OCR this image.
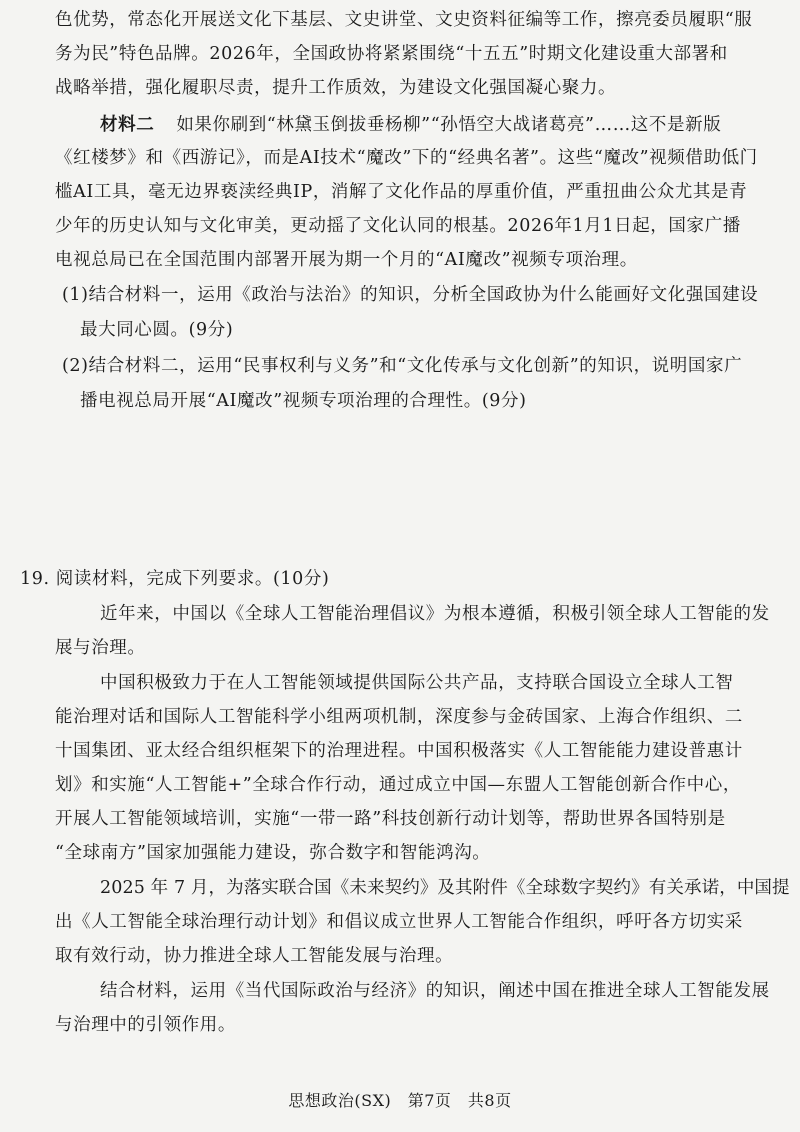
色优势，常态化开展送文化下基层、文史讲堂、文史资料征编等工作，擦亮委员履职“服
务为民”特色品牌。2026年，全国政协将紧紧围绕“十五五”时期文化建设重大部署和
战略举措，强化履职尽责，提升工作质效，为建设文化强国凝心聚力。
材料二 如果你刷到“林黛玉倒拔垂杨柳”“孙悟空大战诸葛亮”……这不是新版
《红楼梦》和《西游记》，而是AI技术“魔改”下的“经典名著”。这些“魔改”视频借助低门
槛AI工具，毫无边界亵渎经典IP，消解了文化作品的厚重价值，严重扭曲公众尤其是青
少年的历史认知与文化审美，更动摇了文化认同的根基。2026年1月1日起，国家广播
电视总局已在全国范围内部署开展为期一个月的“AI魔改”视频专项治理。
(1)结合材料一，运用《政治与法治》的知识，分析全国政协为什么能画好文化强国建设
最大同心圆。(9分)
(2)结合材料二，运用“民事权利与义务”和“文化传承与文化创新”的知识，说明国家广
播电视总局开展“AI魔改”视频专项治理的合理性。(9分)
19. 阅读材料，完成下列要求。(10分)
近年来，中国以《全球人工智能治理倡议》为根本遵循，积极引领全球人工智能的发
展与治理。
中国积极致力于在人工智能领域提供国际公共产品，支持联合国设立全球人工智
能治理对话和国际人工智能科学小组两项机制，深度参与金砖国家、上海合作组织、二
十国集团、亚太经合组织框架下的治理进程。中国积极落实《人工智能能力建设普惠计
划》和实施“人工智能+”全球合作行动，通过成立中国—东盟人工智能创新合作中心，
开展人工智能领域培训，实施“一带一路”科技创新行动计划等，帮助世界各国特别是
“全球南方”国家加强能力建设，弥合数字和智能鸿沟。
2025 年 7 月，为落实联合国《未来契约》及其附件《全球数字契约》有关承诺，中国提
出《人工智能全球治理行动计划》和倡议成立世界人工智能合作组织，呼吁各方切实采
取有效行动，协力推进全球人工智能发展与治理。
结合材料，运用《当代国际政治与经济》的知识，阐述中国在推进全球人工智能发展
与治理中的引领作用。
思想政治(SX)　第7页　共8页
